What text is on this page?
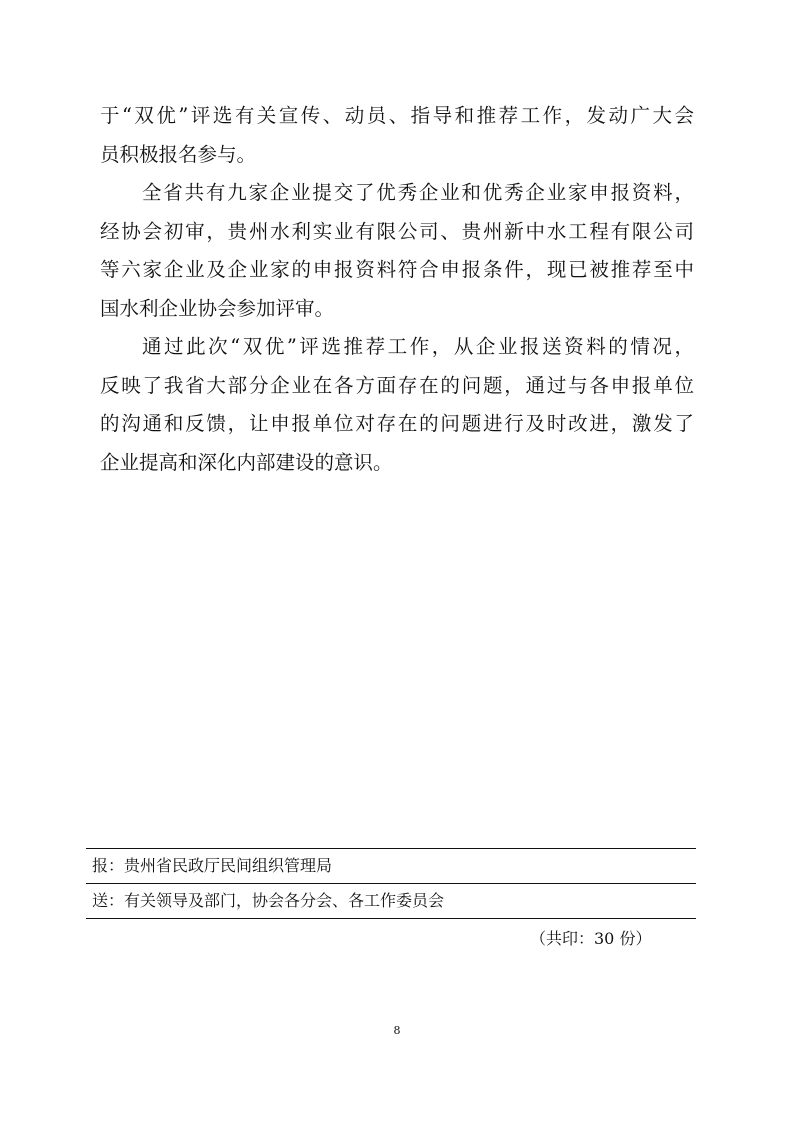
于“双优”评选有关宣传、动员、指导和推荐工作，发动广大会
员积极报名参与。
全省共有九家企业提交了优秀企业和优秀企业家申报资料，
经协会初审，贵州水利实业有限公司、贵州新中水工程有限公司
等六家企业及企业家的申报资料符合申报条件，现已被推荐至中
国水利企业协会参加评审。
通过此次“双优”评选推荐工作，从企业报送资料的情况，
反映了我省大部分企业在各方面存在的问题，通过与各申报单位
的沟通和反馈，让申报单位对存在的问题进行及时改进，激发了
企业提高和深化内部建设的意识。
报：贵州省民政厅民间组织管理局
送：有关领导及部门，协会各分会、各工作委员会
（共印：30 份）
8
